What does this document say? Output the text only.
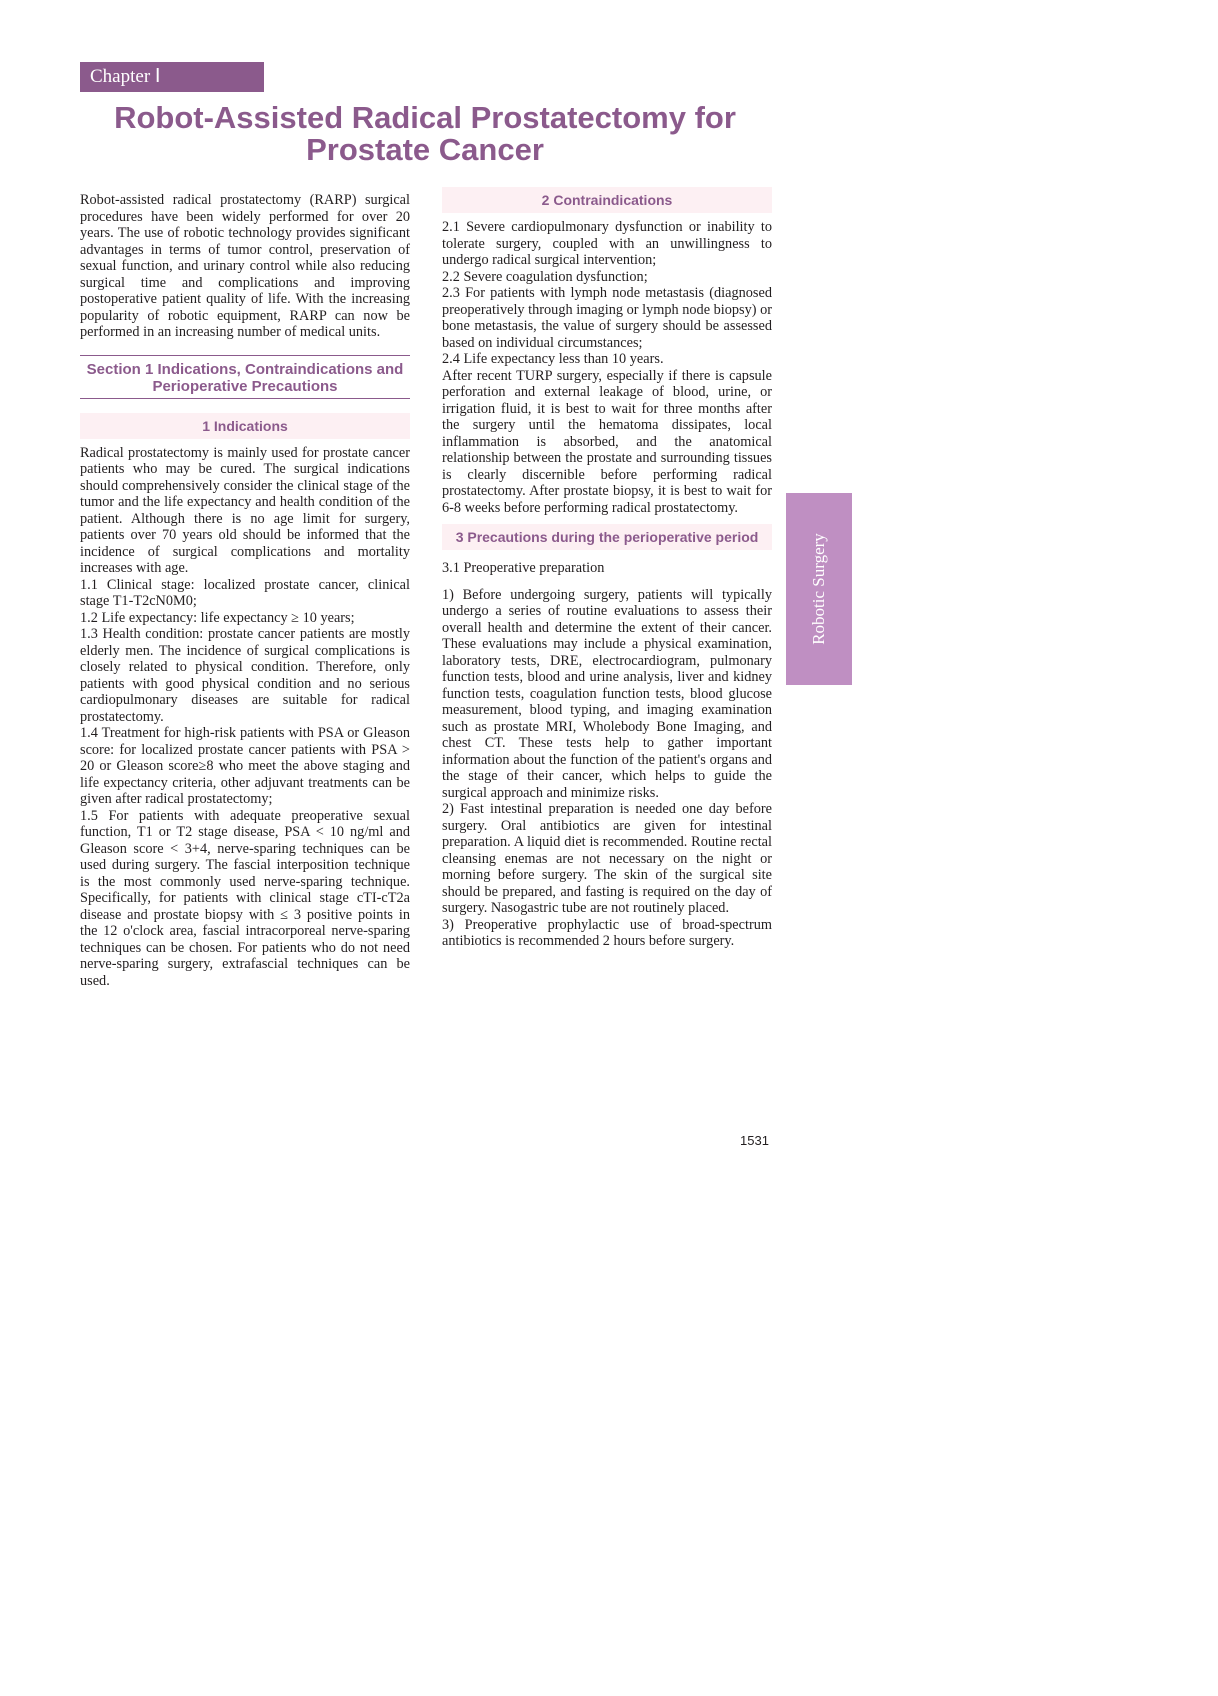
Chapter Ⅰ
Robot-Assisted Radical Prostatectomy for Prostate Cancer

Robot-assisted radical prostatectomy (RARP) surgical procedures have been widely performed for over 20 years. The use of robotic technology provides significant advantages in terms of tumor control, preservation of sexual function, and urinary control while also reducing surgical time and complications and improving postoperative patient quality of life. With the increasing popularity of robotic equipment, RARP can now be performed in an increasing number of medical units.

Section 1 Indications, Contraindications and Perioperative Precautions
1 Indications

Radical prostatectomy is mainly used for prostate cancer patients who may be cured. The surgical indications should comprehensively consider the clinical stage of the tumor and the life expectancy and health condition of the patient. Although there is no age limit for surgery, patients over 70 years old should be informed that the incidence of surgical complications and mortality increases with age.

1.1 Clinical stage: localized prostate cancer, clinical stage T1-T2cN0M0;

1.2 Life expectancy: life expectancy ≥ 10 years;

1.3 Health condition: prostate cancer patients are mostly elderly men. The incidence of surgical complications is closely related to physical condition. Therefore, only patients with good physical condition and no serious cardiopulmonary diseases are suitable for radical prostatectomy.

1.4 Treatment for high-risk patients with PSA or Gleason score: for localized prostate cancer patients with PSA > 20 or Gleason score≥8 who meet the above staging and life expectancy criteria, other adjuvant treatments can be given after radical prostatectomy;

1.5 For patients with adequate preoperative sexual function, T1 or T2 stage disease, PSA < 10 ng/ml and Gleason score < 3+4, nerve-sparing techniques can be used during surgery. The fascial interposition technique is the most commonly used nerve-sparing technique. Specifically, for patients with clinical stage cTI-cT2a disease and prostate biopsy with ≤ 3 positive points in the 12 o'clock area, fascial intracorporeal nerve-sparing techniques can be chosen. For patients who do not need nerve-sparing surgery, extrafascial techniques can be used.

2 Contraindications

2.1 Severe cardiopulmonary dysfunction or inability to tolerate surgery, coupled with an unwillingness to undergo radical surgical intervention;

2.2 Severe coagulation dysfunction;

2.3 For patients with lymph node metastasis (diagnosed preoperatively through imaging or lymph node biopsy) or bone metastasis, the value of surgery should be assessed based on individual circumstances;

2.4 Life expectancy less than 10 years.

After recent TURP surgery, especially if there is capsule perforation and external leakage of blood, urine, or irrigation fluid, it is best to wait for three months after the surgery until the hematoma dissipates, local inflammation is absorbed, and the anatomical relationship between the prostate and surrounding tissues is clearly discernible before performing radical prostatectomy. After prostate biopsy, it is best to wait for 6-8 weeks before performing radical prostatectomy.

3 Precautions during the perioperative period

3.1 Preoperative preparation

1) Before undergoing surgery, patients will typically undergo a series of routine evaluations to assess their overall health and determine the extent of their cancer. These evaluations may include a physical examination, laboratory tests, DRE, electrocardiogram, pulmonary function tests, blood and urine analysis, liver and kidney function tests, coagulation function tests, blood glucose measurement, blood typing, and imaging examination such as prostate MRI, Wholebody Bone Imaging, and chest CT. These tests help to gather important information about the function of the patient's organs and the stage of their cancer, which helps to guide the surgical approach and minimize risks.

2) Fast intestinal preparation is needed one day before surgery. Oral antibiotics are given for intestinal preparation. A liquid diet is recommended. Routine rectal cleansing enemas are not necessary on the night or morning before surgery. The skin of the surgical site should be prepared, and fasting is required on the day of surgery. Nasogastric tube are not routinely placed.

3) Preoperative prophylactic use of broad-spectrum antibiotics is recommended 2 hours before surgery.

Robotic Surgery
1531
